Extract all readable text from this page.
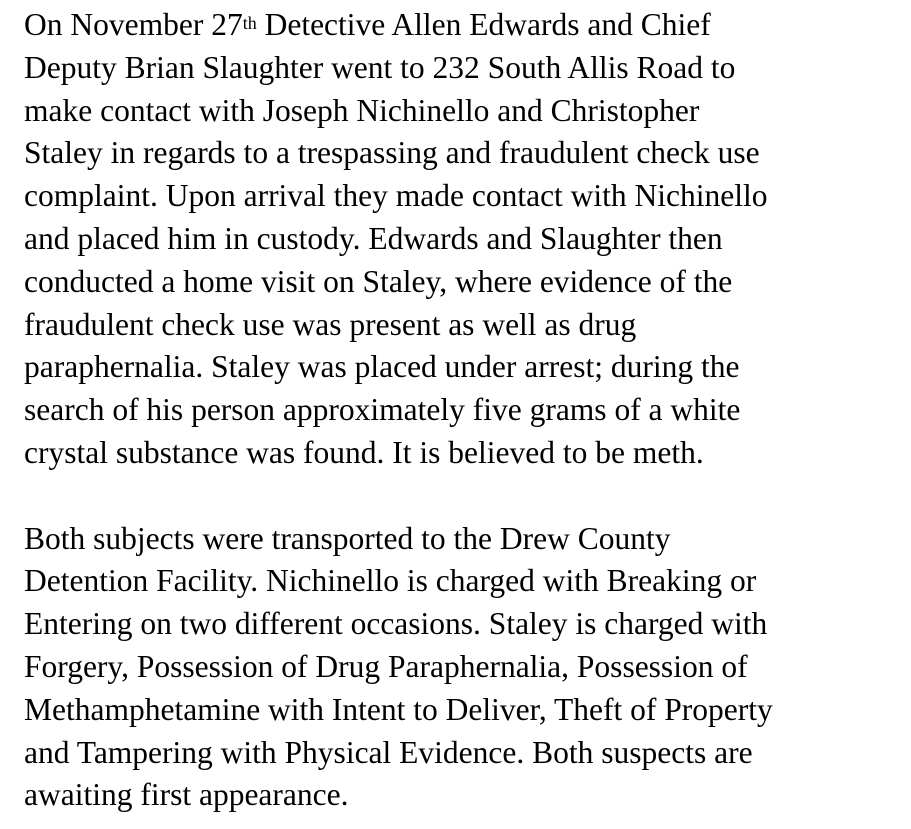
On November 27th Detective Allen Edwards and Chief
Deputy Brian Slaughter went to 232 South Allis Road to
make contact with Joseph Nichinello and Christopher
Staley in regards to a trespassing and fraudulent check use
complaint. Upon arrival they made contact with Nichinello
and placed him in custody. Edwards and Slaughter then
conducted a home visit on Staley, where evidence of the
fraudulent check use was present as well as drug
paraphernalia. Staley was placed under arrest; during the
search of his person approximately five grams of a white
crystal substance was found. It is believed to be meth.
Both subjects were transported to the Drew County
Detention Facility. Nichinello is charged with Breaking or
Entering on two different occasions. Staley is charged with
Forgery, Possession of Drug Paraphernalia, Possession of
Methamphetamine with Intent to Deliver, Theft of Property
and Tampering with Physical Evidence. Both suspects are
awaiting first appearance.
